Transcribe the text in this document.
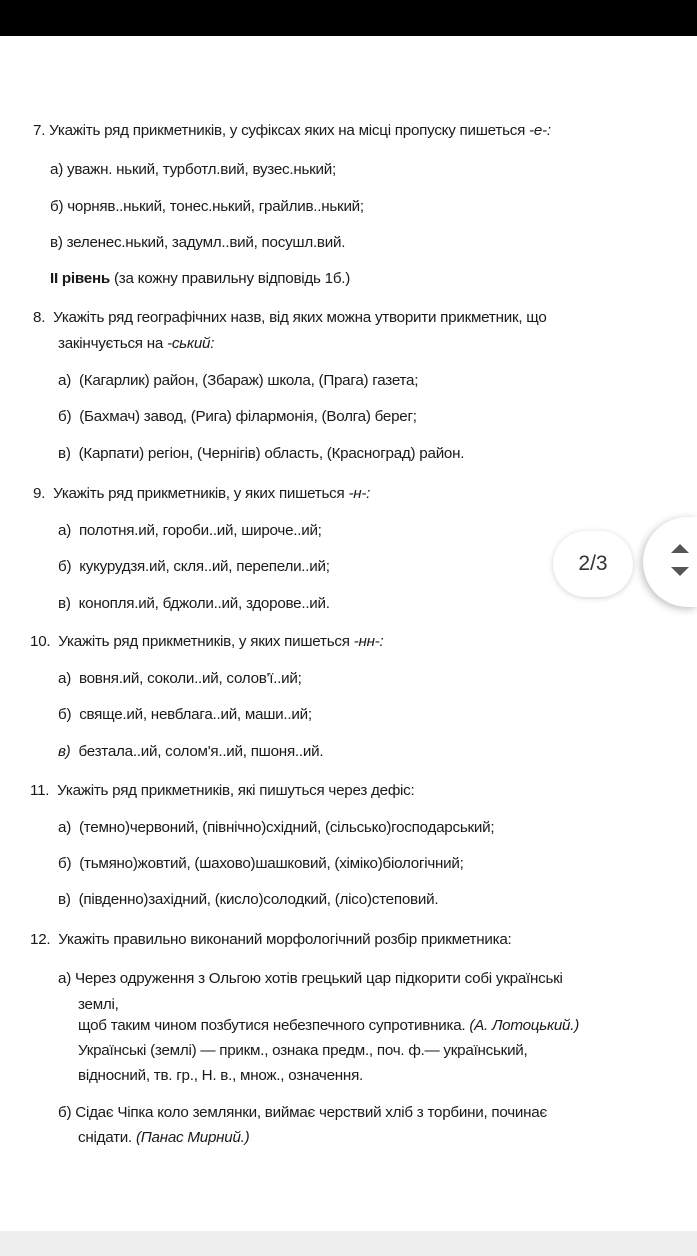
7. Укажіть ряд прикметників, у суфіксах яких на місці пропуску пишеться -е-:
а) уважн. нький, турботл.вий, вузес.нький;
б) чорняв..нький, тонес.нький, грайлив..нький;
в) зеленес.нький, задумл..вий, посушл.вий.
ІІ рівень (за кожну правильну відповідь 1б.)
8.  Укажіть ряд географічних назв, від яких можна утворити прикметник, що
закінчується на -ський:
а)  (Кагарлик) район, (Збараж) школа, (Прага) газета;
б)  (Бахмач) завод, (Рига) філармонія, (Волга) берег;
в)  (Карпати) регіон, (Чернігів) область, (Красноград) район.
9.  Укажіть ряд прикметників, у яких пишеться -н-:
а)  полотня.ий, гороби..ий, широче..ий;
б)  кукурудзя.ий, скля..ий, перепели..ий;
в)  конопля.ий, бджоли..ий, здорове..ий.
10.  Укажіть ряд прикметників, у яких пишеться -нн-:
а)  вовня.ий, соколи..ий, солов'ї..ий;
б)  свяще.ий, невблага..ий, маши..ий;
в)  безтала..ий, солом'я..ий, пшоня..ий.
11.  Укажіть ряд прикметників, які пишуться через дефіс:
а)  (темно)червоний, (північно)східний, (сільсько)господарський;
б)  (тьмяно)жовтий, (шахово)шашковий, (хіміко)біологічний;
в)  (південно)західний, (кисло)солодкий, (лісо)степовий.
12.  Укажіть правильно виконаний морфологічний розбір прикметника:
а) Через одруження з Ольгою хотів грецький цар підкорити собі українські
землі,
щоб таким чином позбутися небезпечного супротивника. (А. Лотоцький.)
Українські (землі) — прикм., ознака предм., поч. ф.— український,
відносний, тв. гр., Н. в., множ., означення.
б) Сідає Чіпка коло землянки, виймає черствий хліб з торбини, починає
снідати. (Панас Мирний.)
2/3
